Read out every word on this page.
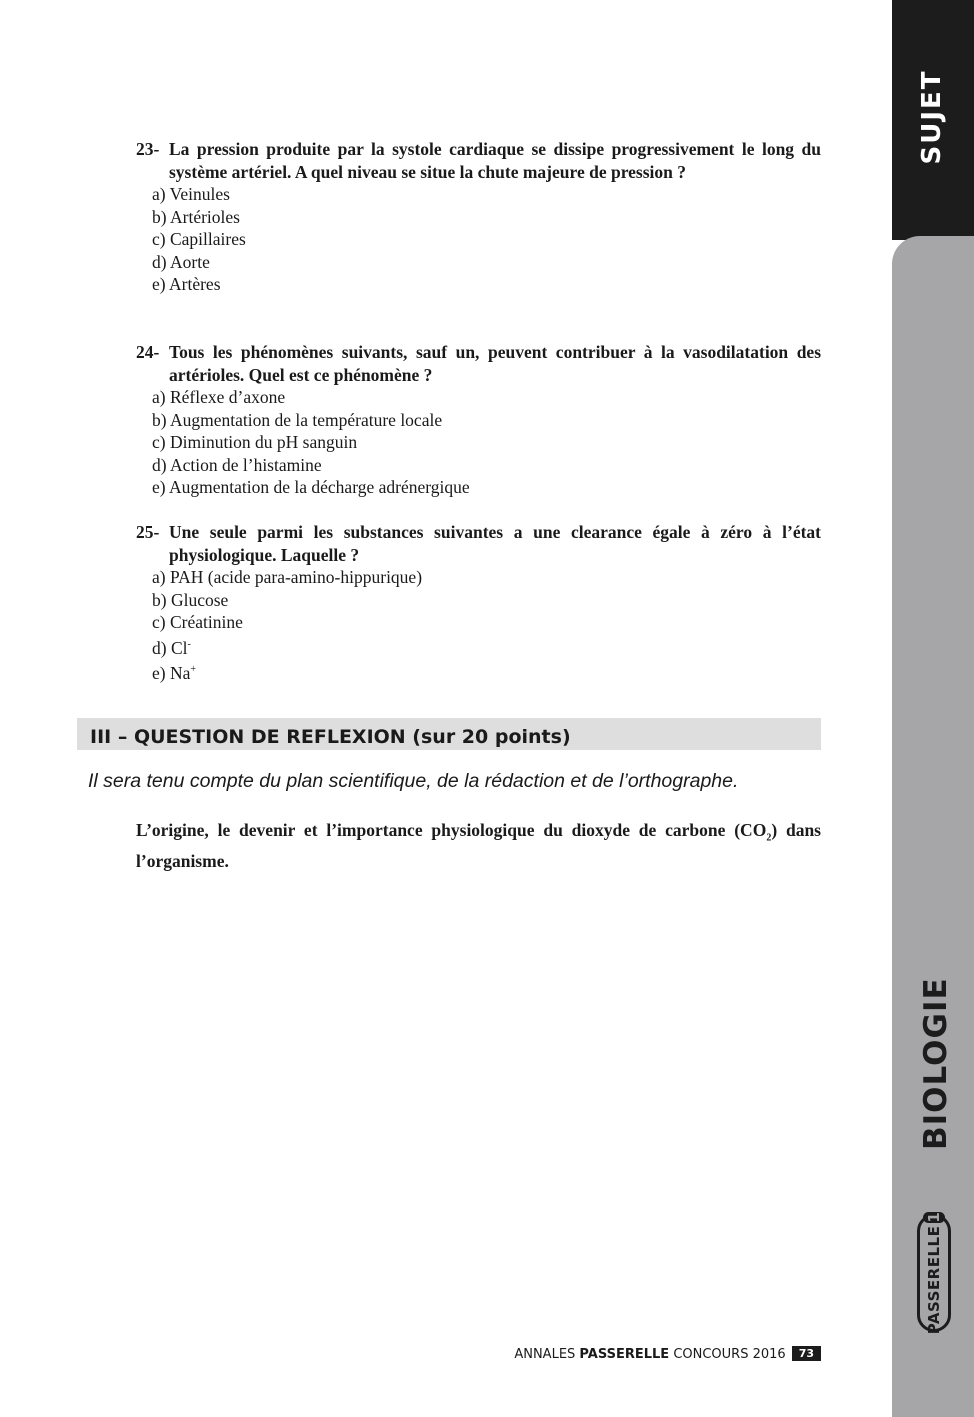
SUJET
BIOLOGIE
PASSERELLE
1
23- La pression produite par la systole cardiaque se dissipe progressivement le long du système artériel. A quel niveau se situe la chute majeure de pression ?
a) Veinules
b) Artérioles
c) Capillaires
d) Aorte
e) Artères
24- Tous les phénomènes suivants, sauf un, peuvent contribuer à la vasodilatation des artérioles. Quel est ce phénomène ?
a) Réflexe d’axone
b) Augmentation de la température locale
c) Diminution du pH sanguin
d) Action de l’histamine
e) Augmentation de la décharge adrénergique
25- Une seule parmi les substances suivantes a une clearance égale à zéro à l’état physiologique. Laquelle ?
a) PAH (acide para-amino-hippurique)
b) Glucose
c) Créatinine
d) Cl-
e) Na+
III – QUESTION DE REFLEXION (sur 20 points)
Il sera tenu compte du plan scientifique, de la rédaction et de l’orthographe.
L’origine, le devenir et l’importance physiologique du dioxyde de carbone $(CO_2)$ dans l’organisme.
ANNALES PASSERELLE CONCOURS 2016 73
